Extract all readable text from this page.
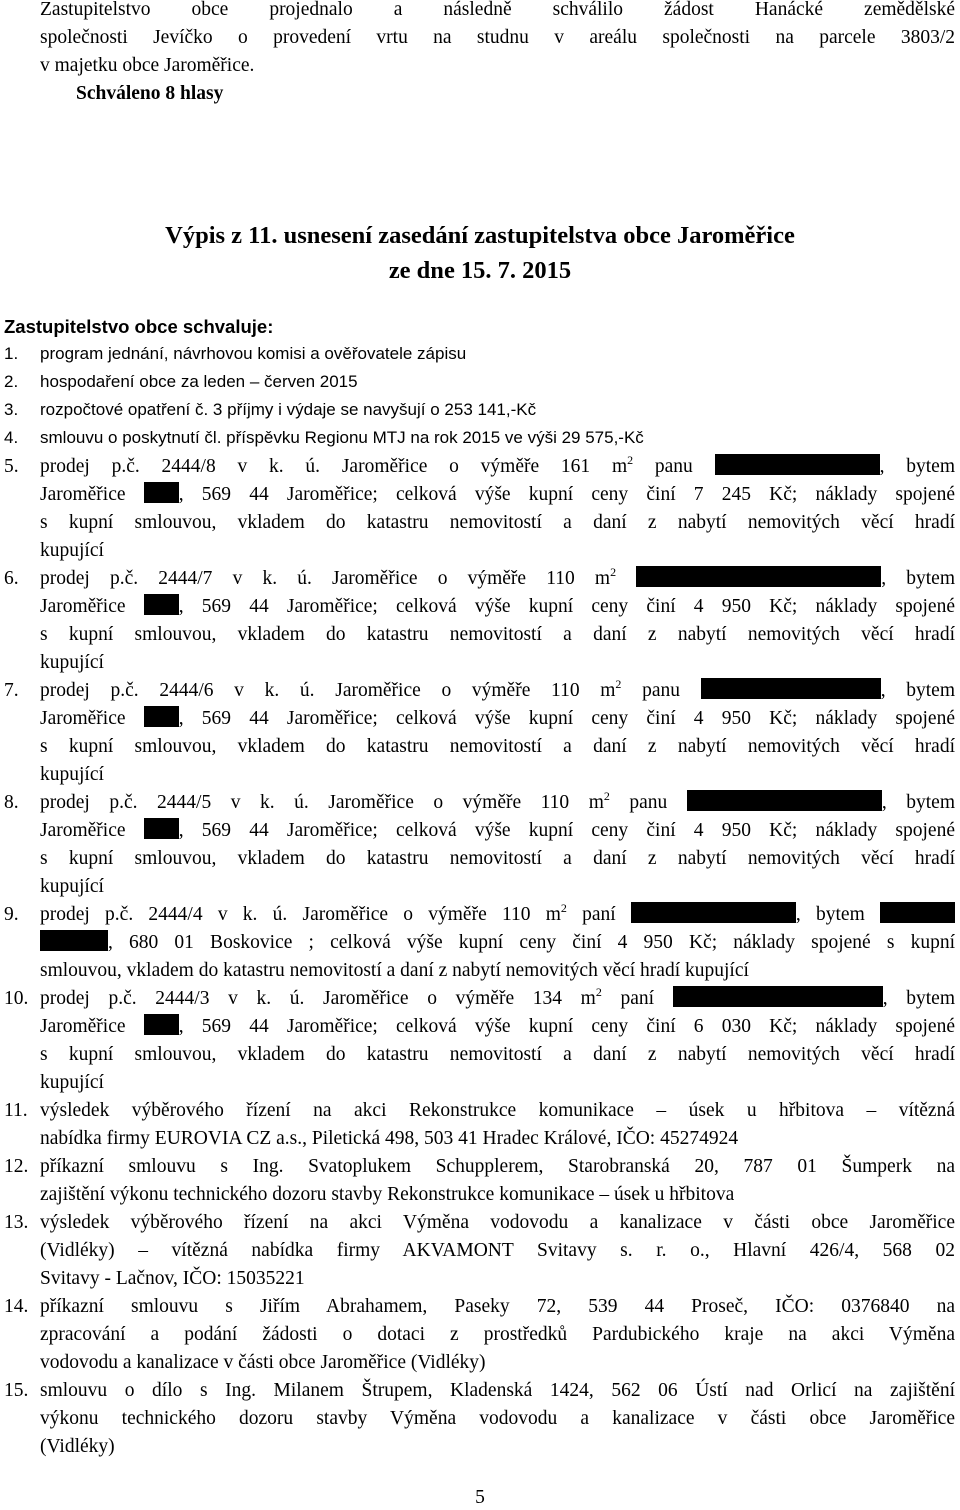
Zastupitelstvo obce projednalo a následně schválilo žádost Hanácké zemědělské
společnosti Jevíčko o provedení vrtu na studnu v areálu společnosti na parcele 3803/2
v majetku obce Jaroměřice.

Schváleno 8 hlasy

Výpis z 11. usnesení zasedání zastupitelstva obce Jaroměřice
ze dne 15. 7. 2015

Zastupitelstvo obce schvaluje:

1. program jednání, návrhovou komisi a ověřovatele zápisu
2. hospodaření obce za leden – červen 2015
3. rozpočtové opatření č. 3 příjmy i výdaje se navyšují o 253 141,-Kč
4. smlouvu o poskytnutí čl. příspěvku Regionu MTJ na rok 2015 ve výši 29 575,-Kč
5. prodej p.č. 2444/8 v k. ú. Jaroměřice o výměře 161 $m^2$ panu	, bytem
Jaroměřice , 569 44 Jaroměřice; celková výše kupní ceny činí 7 245 Kč; náklady spojené
s kupní smlouvou, vkladem do katastru nemovitostí a daní z nabytí nemovitých věcí hradí
kupující
6. prodej p.č. 2444/7 v k. ú. Jaroměřice o výměře 110 $m^2$	, bytem
Jaroměřice , 569 44 Jaroměřice; celková výše kupní ceny činí 4 950 Kč; náklady spojené
s kupní smlouvou, vkladem do katastru nemovitostí a daní z nabytí nemovitých věcí hradí
kupující
7. prodej p.č. 2444/6 v k. ú. Jaroměřice o výměře 110 $m^2$ panu	, bytem
Jaroměřice , 569 44 Jaroměřice; celková výše kupní ceny činí 4 950 Kč; náklady spojené
s kupní smlouvou, vkladem do katastru nemovitostí a daní z nabytí nemovitých věcí hradí
kupující
8. prodej p.č. 2444/5 v k. ú. Jaroměřice o výměře 110 $m^2$ panu	, bytem
Jaroměřice , 569 44 Jaroměřice; celková výše kupní ceny činí 4 950 Kč; náklady spojené
s kupní smlouvou, vkladem do katastru nemovitostí a daní z nabytí nemovitých věcí hradí
kupující
9. prodej p.č. 2444/4 v k. ú. Jaroměřice o výměře 110 $m^2$ paní	, bytem
, 680 01 Boskovice ; celková výše kupní ceny činí 4 950 Kč; náklady spojené s kupní
smlouvou, vkladem do katastru nemovitostí a daní z nabytí nemovitých věcí hradí kupující
10. prodej p.č. 2444/3 v k. ú. Jaroměřice o výměře 134 $m^2$ paní	, bytem
Jaroměřice , 569 44 Jaroměřice; celková výše kupní ceny činí 6 030 Kč; náklady spojené
s kupní smlouvou, vkladem do katastru nemovitostí a daní z nabytí nemovitých věcí hradí
kupující
11. výsledek výběrového řízení na akci Rekonstrukce komunikace – úsek u hřbitova – vítězná
nabídka firmy EUROVIA CZ a.s., Piletická 498, 503 41 Hradec Králové, IČO: 45274924
12. příkazní smlouvu s Ing. Svatoplukem Schupplerem, Starobranská 20, 787 01 Šumperk na
zajištění výkonu technického dozoru stavby Rekonstrukce komunikace – úsek u hřbitova
13. výsledek výběrového řízení na akci Výměna vodovodu a kanalizace v části obce Jaroměřice
(Vidléky) – vítězná nabídka firmy AKVAMONT Svitavy s. r. o., Hlavní 426/4, 568 02
Svitavy - Lačnov, IČO: 15035221
14. příkazní smlouvu s Jiřím Abrahamem, Paseky 72, 539 44 Proseč, IČO: 0376840 na
zpracování a podání žádosti o dotaci z prostředků Pardubického kraje na akci Výměna
vodovodu a kanalizace v části obce Jaroměřice (Vidléky)
15. smlouvu o dílo s Ing. Milanem Štrupem, Kladenská 1424, 562 06 Ústí nad Orlicí na zajištění
výkonu technického dozoru stavby Výměna vodovodu a kanalizace v části obce Jaroměřice
(Vidléky)

5
